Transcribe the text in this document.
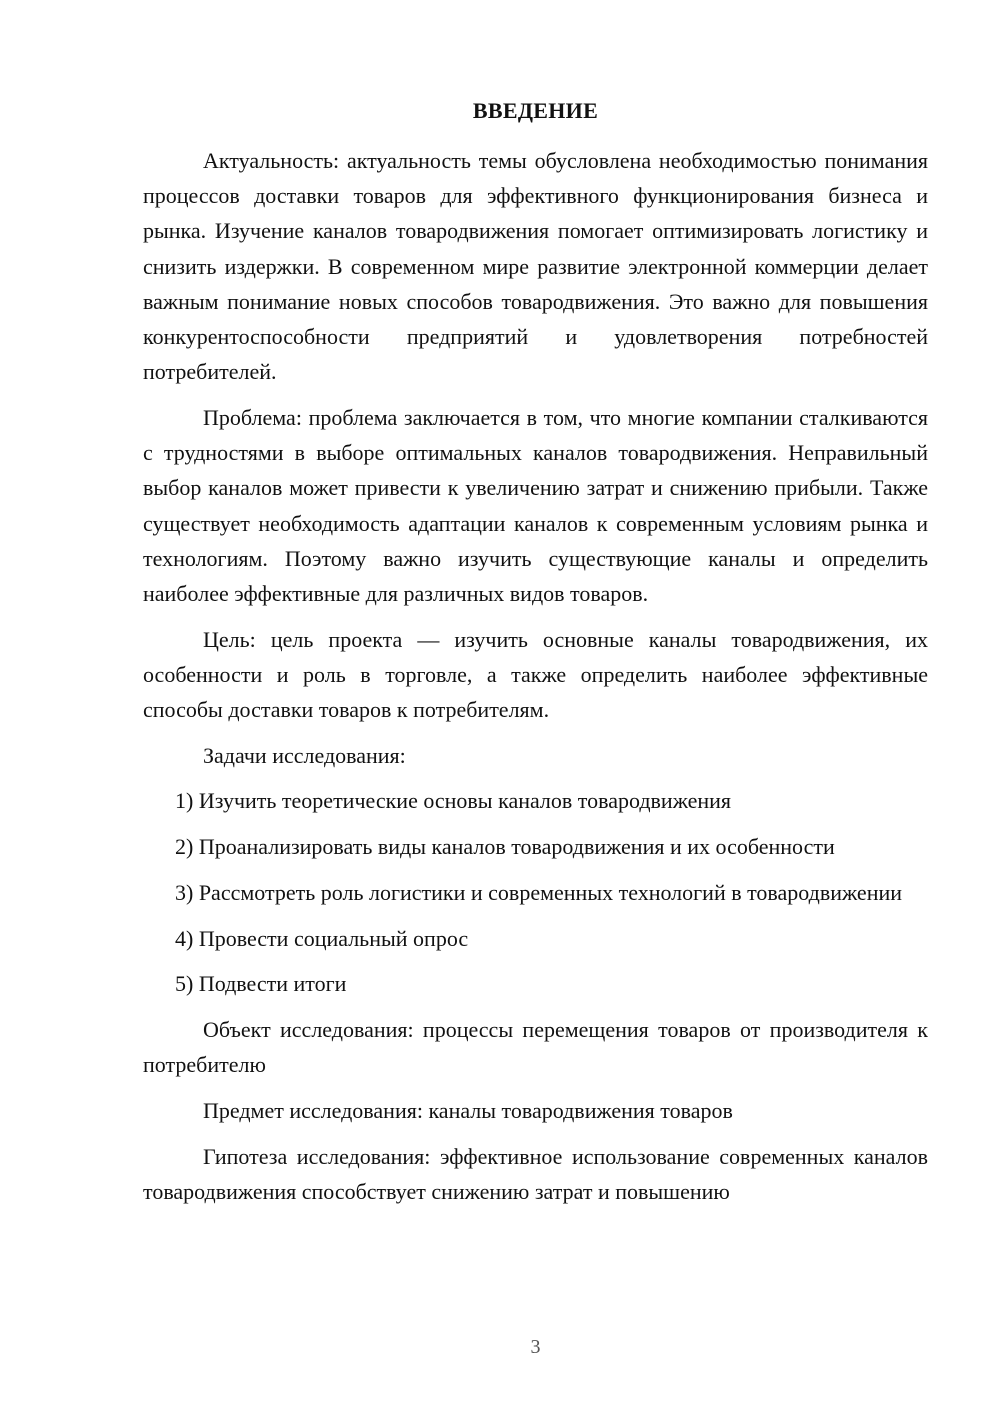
ВВЕДЕНИЕ

Актуальность: актуальность темы обусловлена необходимостью понимания процессов доставки товаров для эффективного функционирования бизнеса и рынка. Изучение каналов товародвижения помогает оптимизировать логистику и снизить издержки. В современном мире развитие электронной коммерции делает важным понимание новых способов товародвижения. Это важно для повышения конкурентоспособности предприятий и удовлетворения потребностей потребителей.

Проблема: проблема заключается в том, что многие компании сталкиваются с трудностями в выборе оптимальных каналов товародвижения. Неправильный выбор каналов может привести к увеличению затрат и снижению прибыли. Также существует необходимость адаптации каналов к современным условиям рынка и технологиям. Поэтому важно изучить существующие каналы и определить наиболее эффективные для различных видов товаров.

Цель: цель проекта — изучить основные каналы товародвижения, их особенности и роль в торговле, а также определить наиболее эффективные способы доставки товаров к потребителям.

Задачи исследования:

1) Изучить теоретические основы каналов товародвижения

2) Проанализировать виды каналов товародвижения и их особенности

3) Рассмотреть роль логистики и современных технологий в товародвижении

4) Провести социальный опрос

5) Подвести итоги

Объект исследования: процессы перемещения товаров от производителя к потребителю

Предмет исследования: каналы товародвижения товаров

Гипотеза исследования: эффективное использование современных каналов товародвижения способствует снижению затрат и повышению

3
